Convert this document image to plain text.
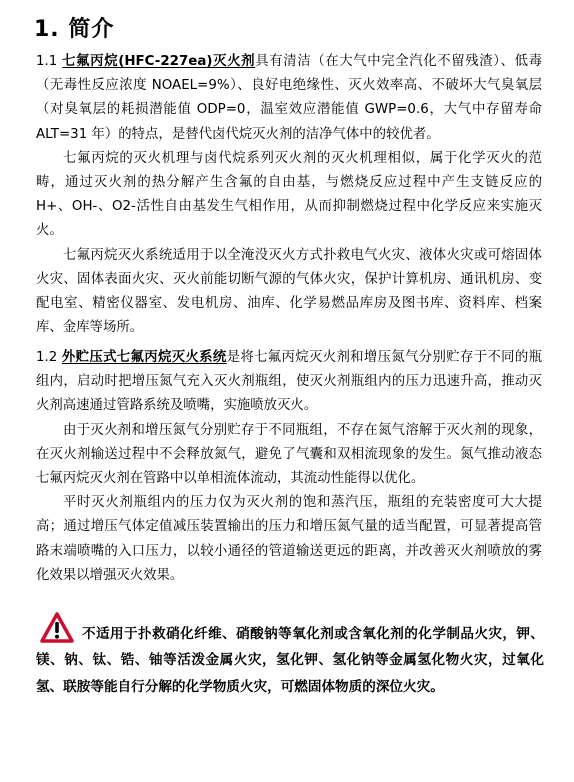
1. 简介

1.1 七氟丙烷(HFC-227ea)灭火剂具有清洁（在大气中完全汽化不留残渣）、低毒（无毒性反应浓度 NOAEL=9%）、良好电绝缘性、灭火效率高、不破坏大气臭氧层（对臭氧层的耗损潜能值 ODP=0，温室效应潜能值 GWP=0.6，大气中存留寿命 ALT=31 年）的特点，是替代卤代烷灭火剂的洁净气体中的较优者。

七氟丙烷的灭火机理与卤代烷系列灭火剂的灭火机理相似，属于化学灭火的范畴，通过灭火剂的热分解产生含氟的自由基，与燃烧反应过程中产生支链反应的 H+、OH-、O2-活性自由基发生气相作用，从而抑制燃烧过程中化学反应来实施灭火。

七氟丙烷灭火系统适用于以全淹没灭火方式扑救电气火灾、液体火灾或可熔固体火灾、固体表面火灾、灭火前能切断气源的气体火灾，保护计算机房、通讯机房、变配电室、精密仪器室、发电机房、油库、化学易燃品库房及图书库、资料库、档案库、金库等场所。

1.2 外贮压式七氟丙烷灭火系统是将七氟丙烷灭火剂和增压氮气分别贮存于不同的瓶组内，启动时把增压氮气充入灭火剂瓶组，使灭火剂瓶组内的压力迅速升高，推动灭火剂高速通过管路系统及喷嘴，实施喷放灭火。

由于灭火剂和增压氮气分别贮存于不同瓶组，不存在氮气溶解于灭火剂的现象，在灭火剂输送过程中不会释放氮气，避免了气囊和双相流现象的发生。氮气推动液态七氟丙烷灭火剂在管路中以单相流体流动，其流动性能得以优化。

平时灭火剂瓶组内的压力仅为灭火剂的饱和蒸汽压，瓶组的充装密度可大大提高；通过增压气体定值减压装置输出的压力和增压氮气量的适当配置，可显著提高管路末端喷嘴的入口压力，以较小通径的管道输送更远的距离，并改善灭火剂喷放的雾化效果以增强灭火效果。

不适用于扑救硝化纤维、硝酸钠等氧化剂或含氧化剂的化学制品火灾，钾、镁、钠、钛、锆、铀等活泼金属火灾，氢化钾、氢化钠等金属氢化物火灾，过氧化氢、联胺等能自行分解的化学物质火灾，可燃固体物质的深位火灾。
